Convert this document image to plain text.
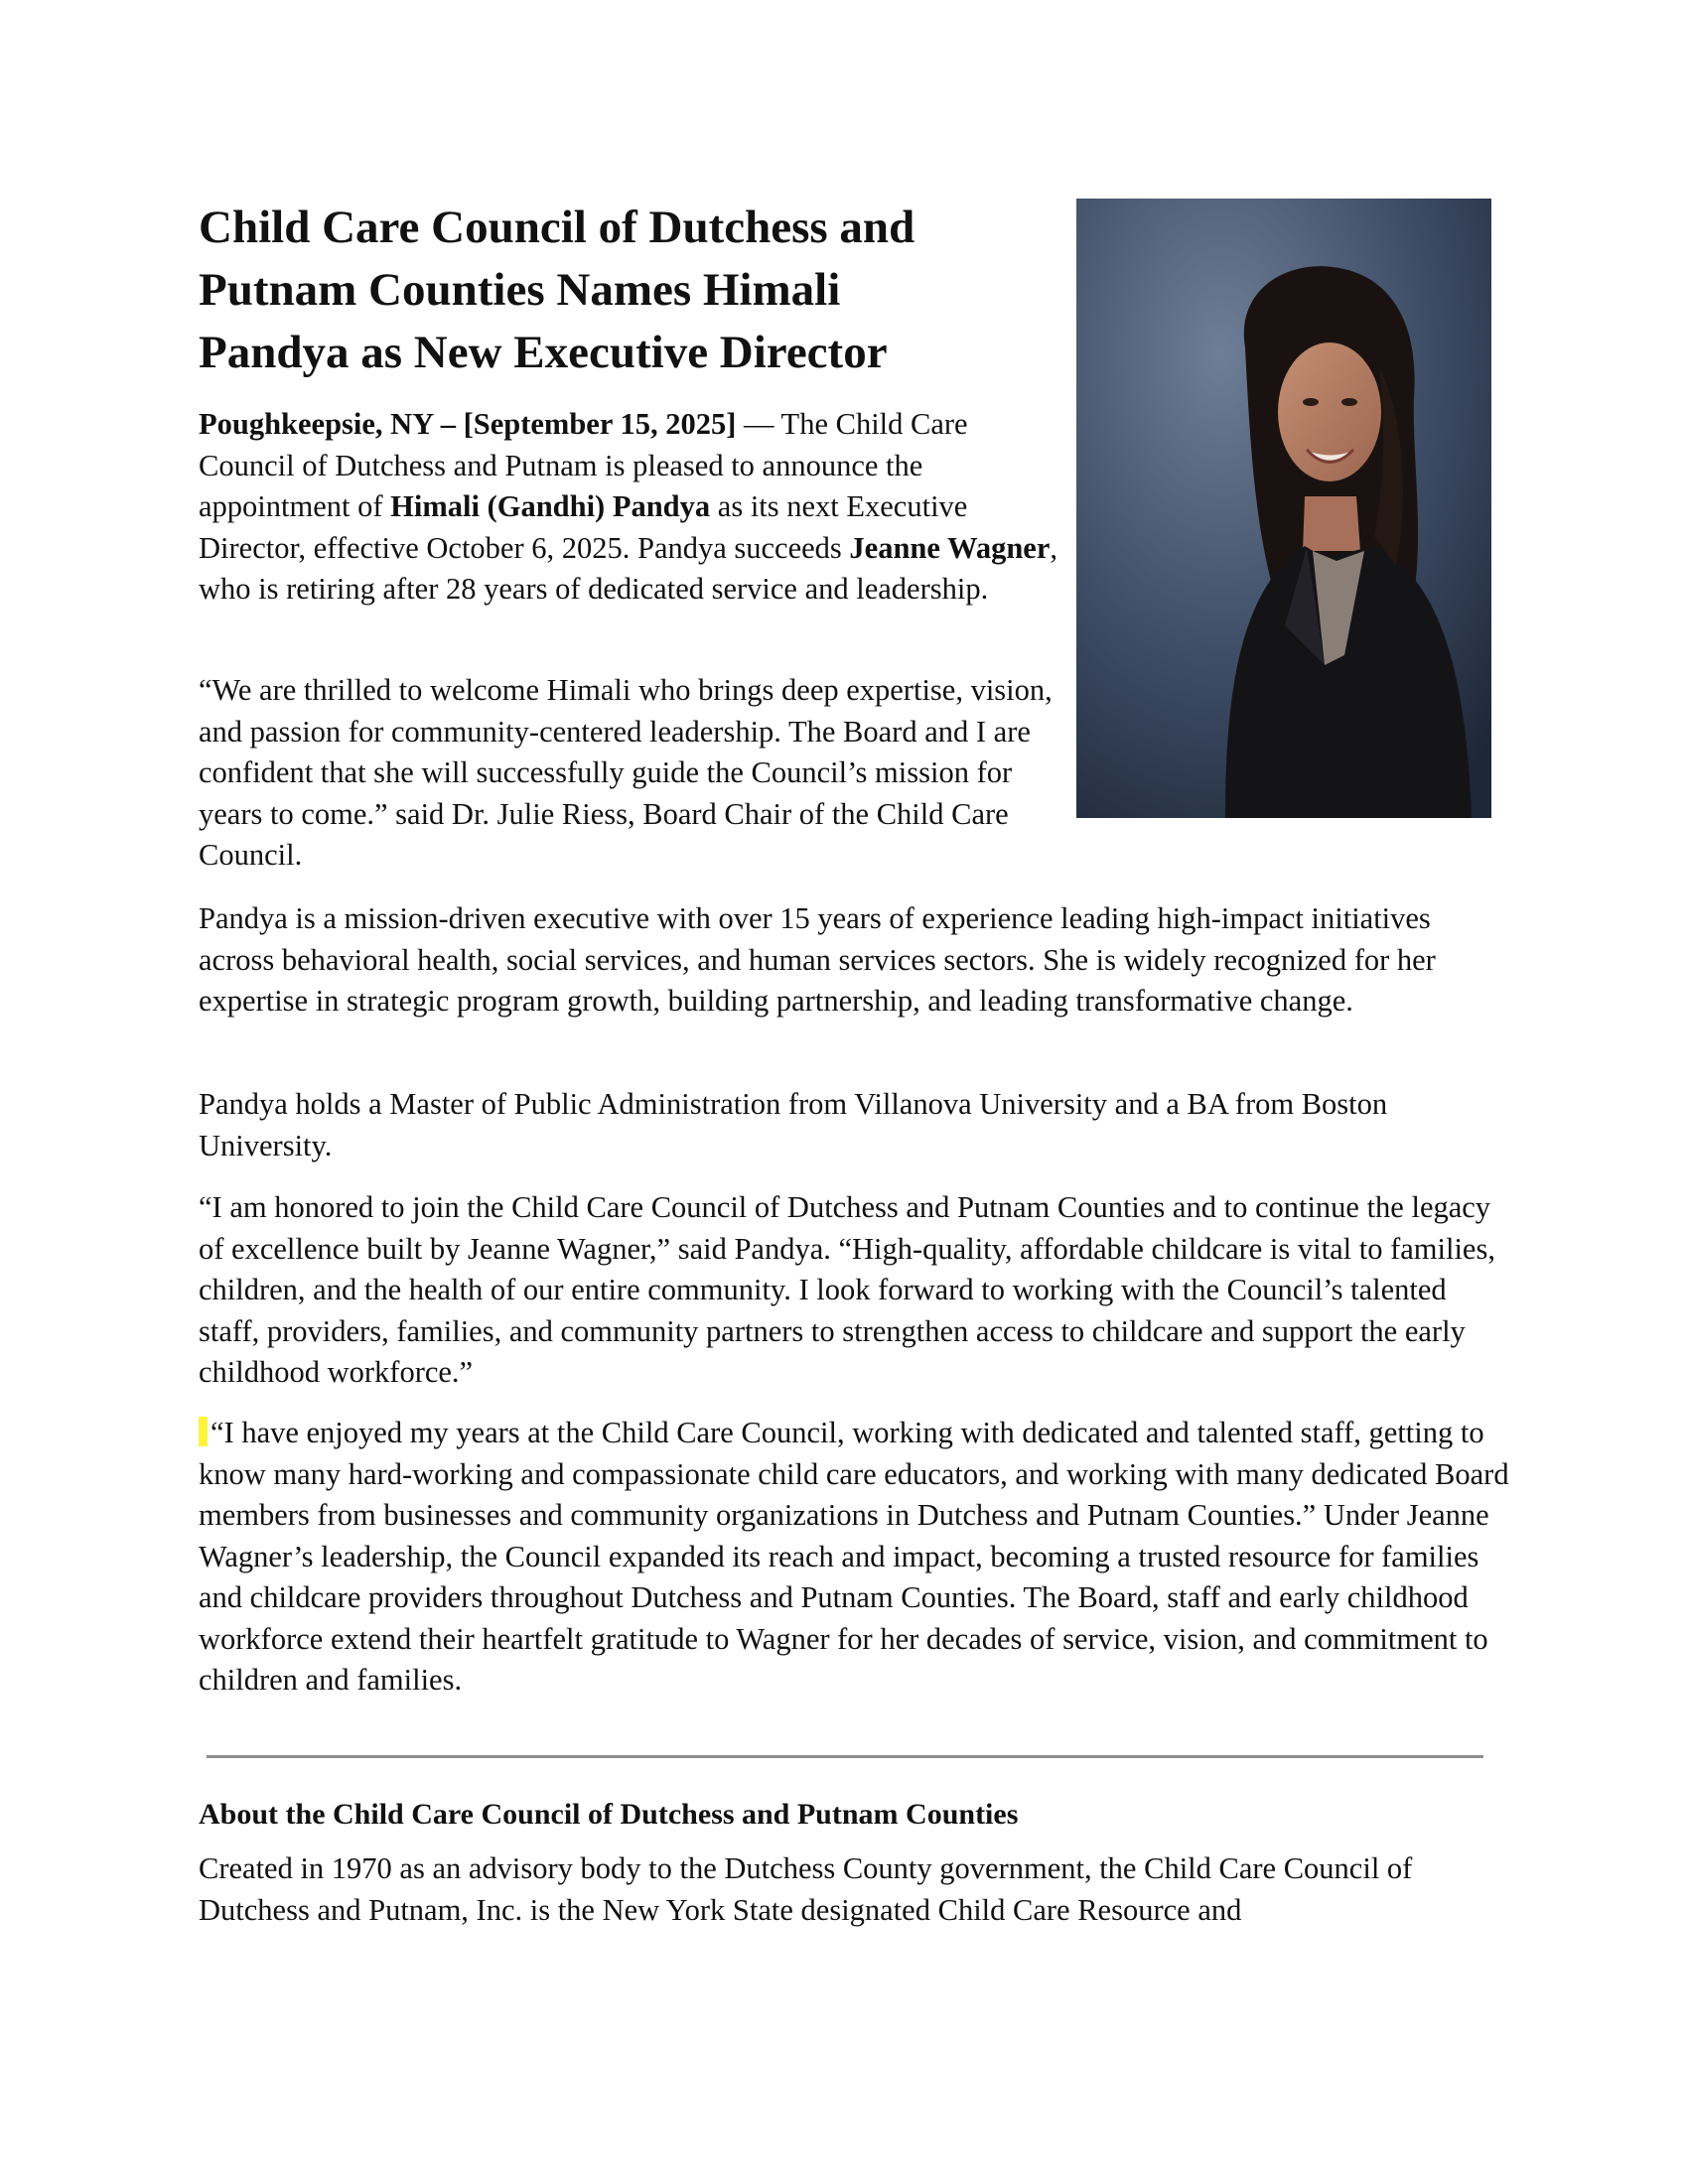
Child Care Council of Dutchess and Putnam Counties Names Himali Pandya as New Executive Director

Poughkeepsie, NY – [September 15, 2025] — The Child Care Council of Dutchess and Putnam is pleased to announce the appointment of Himali (Gandhi) Pandya as its next Executive Director, effective October 6, 2025. Pandya succeeds Jeanne Wagner, who is retiring after 28 years of dedicated service and leadership.

“We are thrilled to welcome Himali who brings deep expertise, vision, and passion for community-centered leadership. The Board and I are confident that she will successfully guide the Council’s mission for years to come.” said Dr. Julie Riess, Board Chair of the Child Care Council.

Pandya is a mission-driven executive with over 15 years of experience leading high-impact initiatives across behavioral health, social services, and human services sectors. She is widely recognized for her expertise in strategic program growth, building partnership, and leading transformative change.

Pandya holds a Master of Public Administration from Villanova University and a BA from Boston University.

“I am honored to join the Child Care Council of Dutchess and Putnam Counties and to continue the legacy of excellence built by Jeanne Wagner,” said Pandya. “High-quality, affordable childcare is vital to families, children, and the health of our entire community. I look forward to working with the Council’s talented staff, providers, families, and community partners to strengthen access to childcare and support the early childhood workforce.”

“I have enjoyed my years at the Child Care Council, working with dedicated and talented staff, getting to know many hard-working and compassionate child care educators, and working with many dedicated Board members from businesses and community organizations in Dutchess and Putnam Counties.” Under Jeanne Wagner’s leadership, the Council expanded its reach and impact, becoming a trusted resource for families and childcare providers throughout Dutchess and Putnam Counties. The Board, staff and early childhood workforce extend their heartfelt gratitude to Wagner for her decades of service, vision, and commitment to children and families.

About the Child Care Council of Dutchess and Putnam Counties

Created in 1970 as an advisory body to the Dutchess County government, the Child Care Council of Dutchess and Putnam, Inc. is the New York State designated Child Care Resource and
